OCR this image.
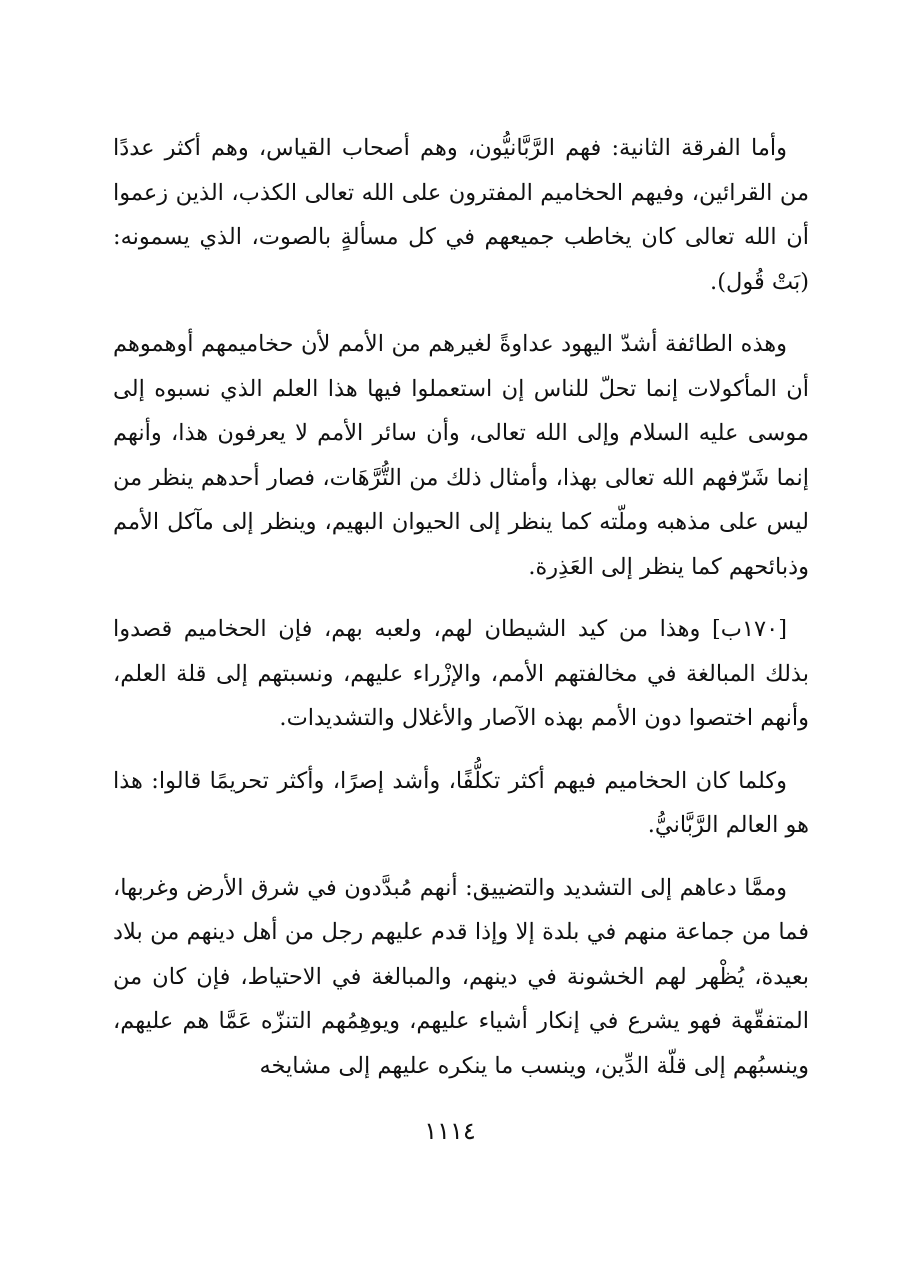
وأما الفرقة الثانية: فهم الرَّبَّانيُّون، وهم أصحاب القياس، وهم أكثر عددًا من القرائين، وفيهم الحخاميم المفترون على الله تعالى الكذب، الذين زعموا أن الله تعالى كان يخاطب جميعهم في كل مسألةٍ بالصوت، الذي يسمونه: (بَتْ قُول).

وهذه الطائفة أشدّ اليهود عداوةً لغيرهم من الأمم لأن حخاميمهم أوهموهم أن المأكولات إنما تحلّ للناس إن استعملوا فيها هذا العلم الذي نسبوه إلى موسى عليه السلام وإلى الله تعالى، وأن سائر الأمم لا يعرفون هذا، وأنهم إنما شَرّفهم الله تعالى بهذا، وأمثال ذلك من التُّرَّهَات، فصار أحدهم ينظر من ليس على مذهبه وملّته كما ينظر إلى الحيوان البهيم، وينظر إلى مآكل الأمم وذبائحهم كما ينظر إلى العَذِرة.

[١٧٠ب] وهذا من كيد الشيطان لهم، ولعبه بهم، فإن الحخاميم قصدوا بذلك المبالغة في مخالفتهم الأمم، والإزْراء عليهم، ونسبتهم إلى قلة العلم، وأنهم اختصوا دون الأمم بهذه الآصار والأغلال والتشديدات.

وكلما كان الحخاميم فيهم أكثر تكلُّفًا، وأشد إصرًا، وأكثر تحريمًا قالوا: هذا هو العالم الرَّبَّانيُّ.

وممَّا دعاهم إلى التشديد والتضييق: أنهم مُبدَّدون في شرق الأرض وغربها، فما من جماعة منهم في بلدة إلا وإذا قدم عليهم رجل من أهل دينهم من بلاد بعيدة، يُظْهر لهم الخشونة في دينهم، والمبالغة في الاحتياط، فإن كان من المتفقّهة فهو يشرع في إنكار أشياء عليهم، ويوهِمُهم التنزّه عَمَّا هم عليهم، وينسبُهم إلى قلّة الدِّين، وينسب ما ينكره عليهم إلى مشايخه

١١١٤
